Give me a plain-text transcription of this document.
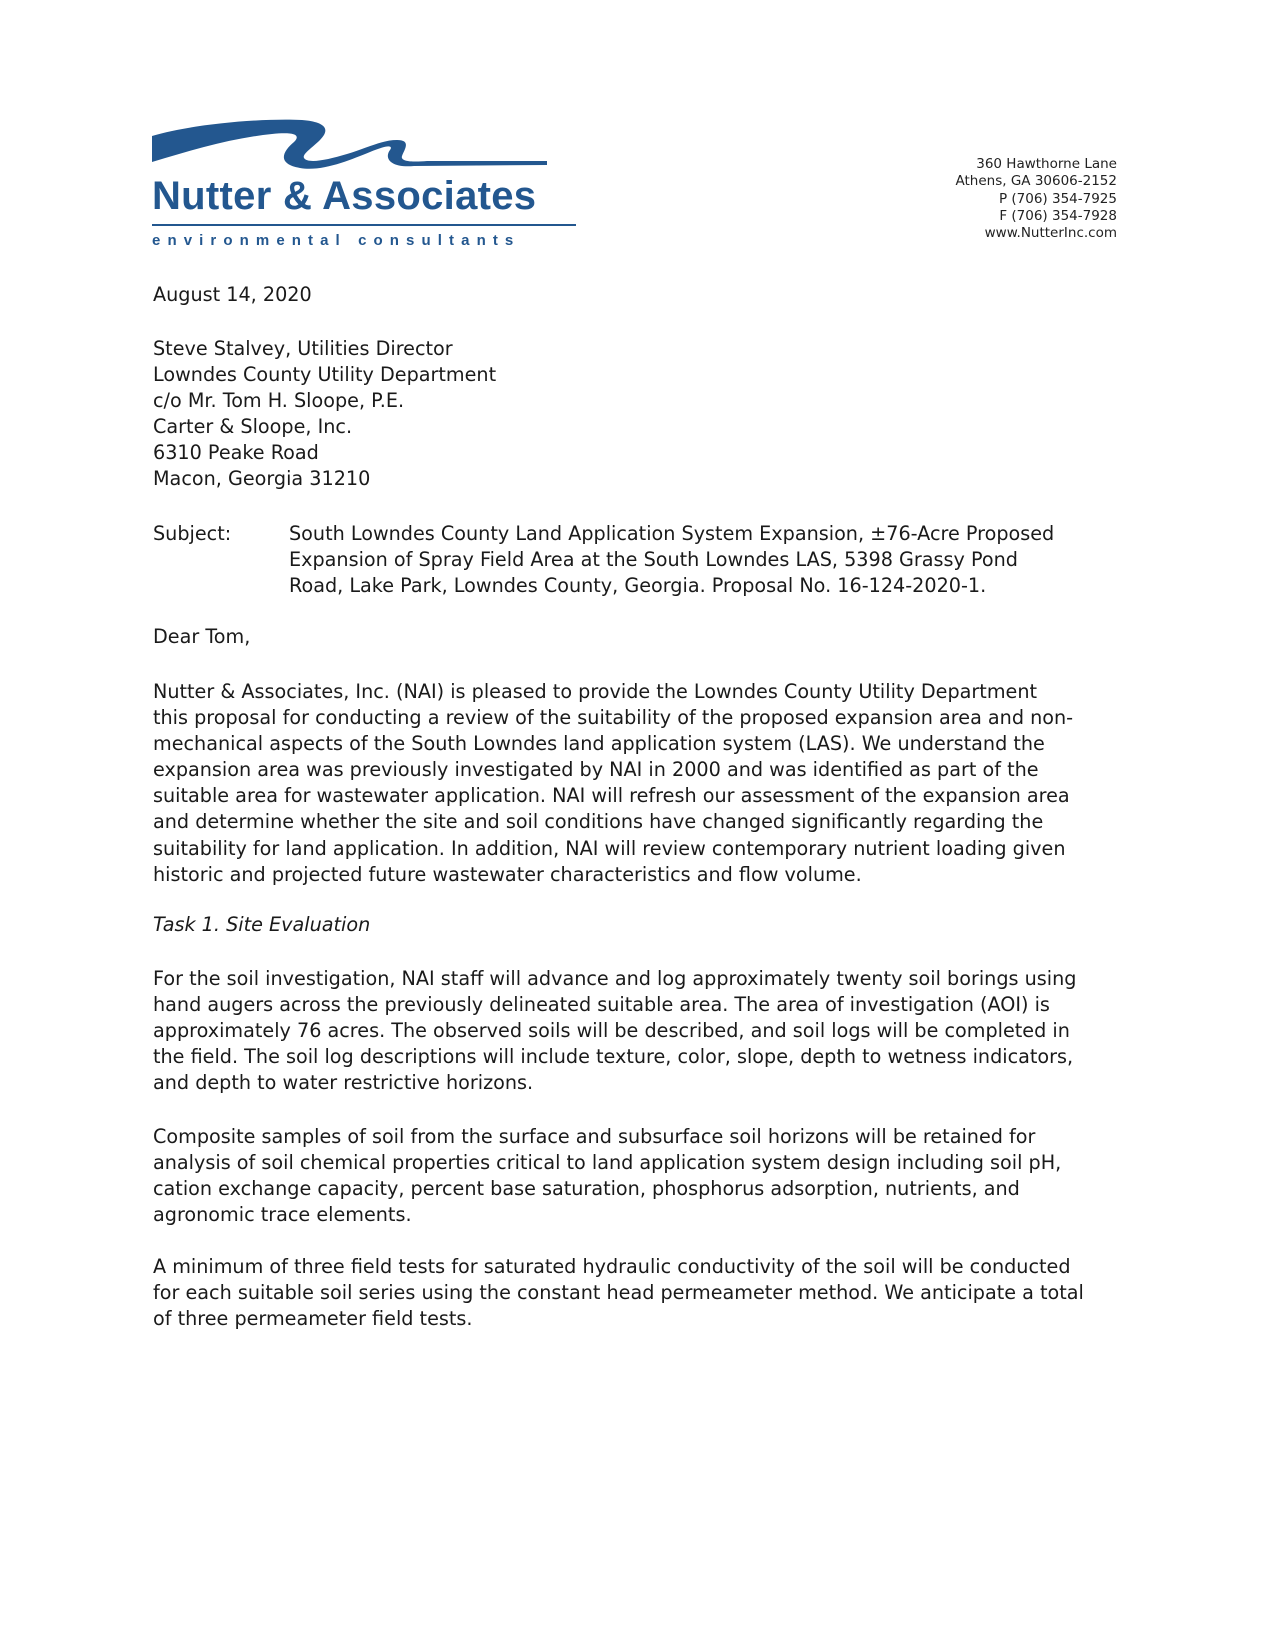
Nutter & Associates
environmental consultants
360 Hawthorne Lane
Athens, GA 30606-2152
P (706) 354-7925
F (706) 354-7928
www.NutterInc.com
August 14, 2020
Steve Stalvey, Utilities Director
Lowndes County Utility Department
c/o Mr. Tom H. Sloope, P.E.
Carter & Sloope, Inc.
6310 Peake Road
Macon, Georgia 31210
Subject:	South Lowndes County Land Application System Expansion, ±76-Acre Proposed
Expansion of Spray Field Area at the South Lowndes LAS, 5398 Grassy Pond
Road, Lake Park, Lowndes County, Georgia. Proposal No. 16-124-2020-1.
Dear Tom,
Nutter & Associates, Inc. (NAI) is pleased to provide the Lowndes County Utility Department
this proposal for conducting a review of the suitability of the proposed expansion area and non-
mechanical aspects of the South Lowndes land application system (LAS). We understand the
expansion area was previously investigated by NAI in 2000 and was identified as part of the
suitable area for wastewater application. NAI will refresh our assessment of the expansion area
and determine whether the site and soil conditions have changed significantly regarding the
suitability for land application. In addition, NAI will review contemporary nutrient loading given
historic and projected future wastewater characteristics and flow volume.
Task 1. Site Evaluation
For the soil investigation, NAI staff will advance and log approximately twenty soil borings using
hand augers across the previously delineated suitable area. The area of investigation (AOI) is
approximately 76 acres. The observed soils will be described, and soil logs will be completed in
the field. The soil log descriptions will include texture, color, slope, depth to wetness indicators,
and depth to water restrictive horizons.
Composite samples of soil from the surface and subsurface soil horizons will be retained for
analysis of soil chemical properties critical to land application system design including soil pH,
cation exchange capacity, percent base saturation, phosphorus adsorption, nutrients, and
agronomic trace elements.
A minimum of three field tests for saturated hydraulic conductivity of the soil will be conducted
for each suitable soil series using the constant head permeameter method. We anticipate a total
of three permeameter field tests.
